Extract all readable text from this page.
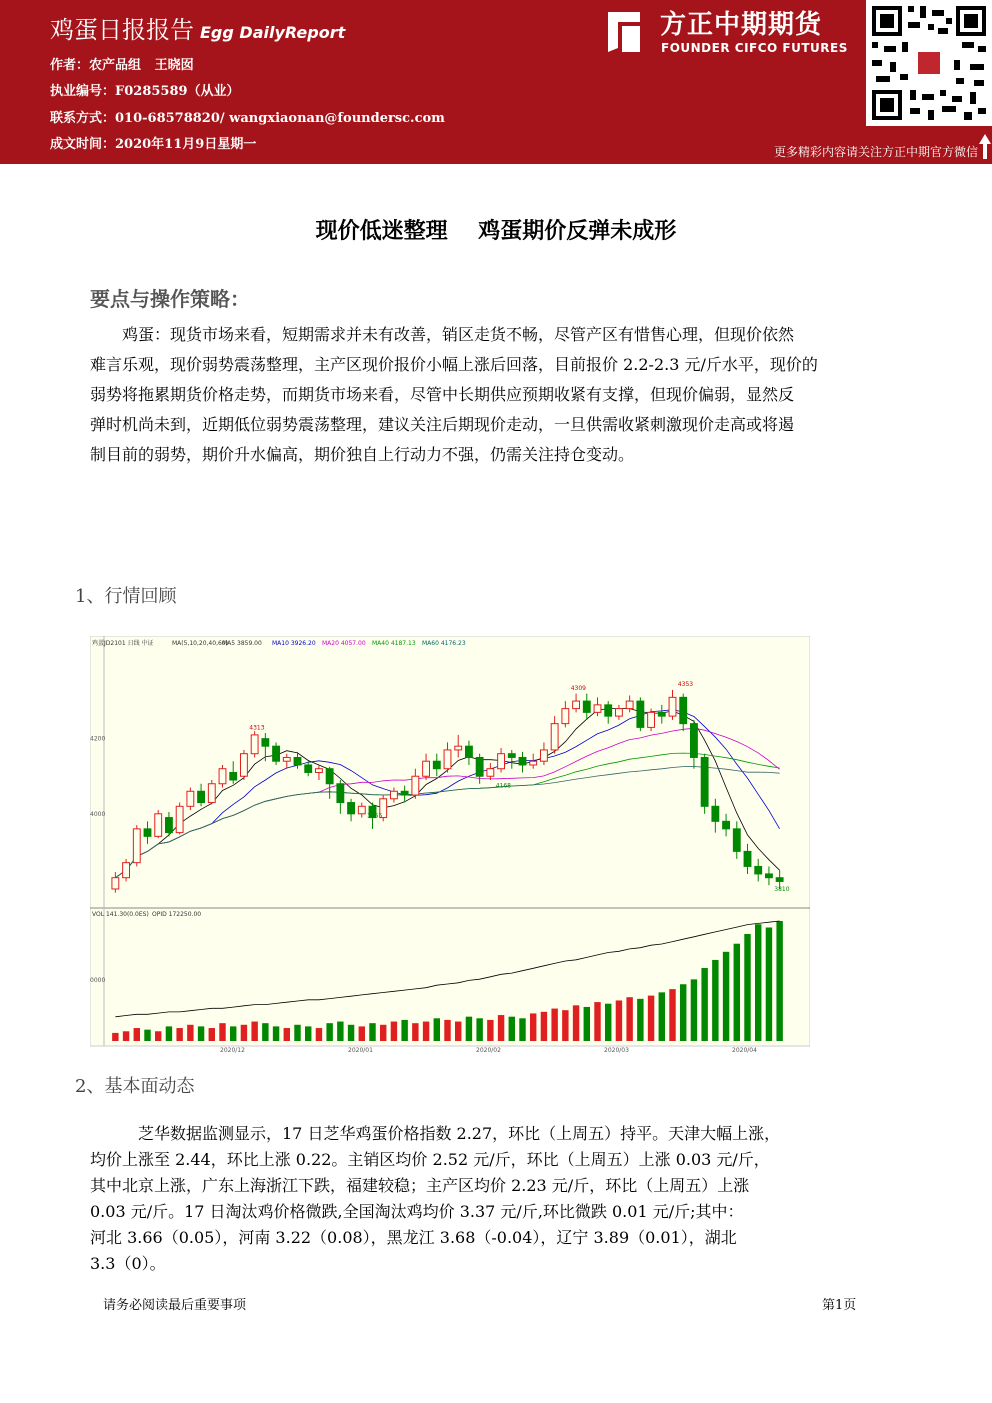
鸡蛋日报报告 Egg DailyReport
作者：农产品组   王晓囡
执业编号：F0285589（从业）
联系方式：010-68578820/ wangxiaonan@foundersc.com
成文时间：2020年11月9日星期一
方正中期期货
FOUNDER CIFCO FUTURES
更多精彩内容请关注方正中期官方微信
现价低迷整理    鸡蛋期价反弹未成形
要点与操作策略：
鸡蛋：现货市场来看，短期需求并未有改善，销区走货不畅，尽管产区有惜售心理，但现价依然
难言乐观，现价弱势震荡整理，主产区现价报价小幅上涨后回落，目前报价 2.2-2.3 元/斤水平，现价的
弱势将拖累期货价格走势，而期货市场来看，尽管中长期供应预期收紧有支撑，但现价偏弱，显然反
弹时机尚未到，近期低位弱势震荡整理，建议关注后期现价走动，一旦供需收紧刺激现价走高或将遏
制目前的弱势，期价升水偏高，期价独自上行动力不强，仍需关注持仓变动。
1、行情回顾
鸡蛋JD2101 日线 中证	MA(5,10,20,40,60)
MA5 3859.00 MA10 3926.20 MA20 4057.00 MA40 4187.13 MA60 4176.23
VOL 141.30(0.0ES) OPID 172250.00
4200
4000
0000
4313
3955
4309
4168
4353
3810
2020/12	2020/01	2020/02	2020/03	2020/04
2、基本面动态
芝华数据监测显示，17 日芝华鸡蛋价格指数 2.27，环比（上周五）持平。天津大幅上涨，
均价上涨至 2.44，环比上涨 0.22。主销区均价 2.52 元/斤，环比（上周五）上涨 0.03 元/斤，
其中北京上涨，广东上海浙江下跌，福建较稳；主产区均价 2.23 元/斤，环比（上周五）上涨
0.03 元/斤。17 日淘汰鸡价格微跌,全国淘汰鸡均价 3.37 元/斤,环比微跌 0.01 元/斤;其中：
河北 3.66（0.05），河南 3.22（0.08），黑龙江 3.68（-0.04），辽宁 3.89（0.01），湖北
3.3（0）。
请务必阅读最后重要事项	第1页
